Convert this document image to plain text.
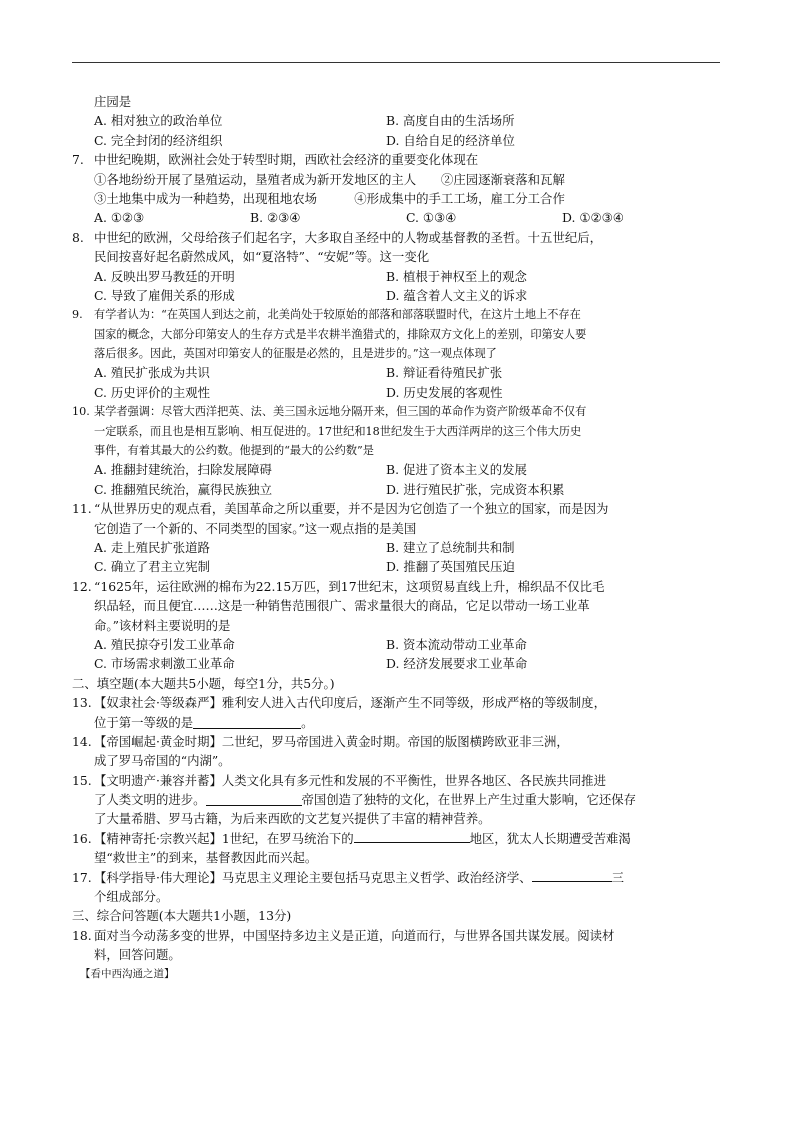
庄园是
A. 相对独立的政治单位	B. 高度自由的生活场所
C. 完全封闭的经济组织	D. 自给自足的经济单位
7. 中世纪晚期，欧洲社会处于转型时期，西欧社会经济的重要变化体现在
①各地纷纷开展了垦殖运动，垦殖者成为新开发地区的主人　　②庄园逐渐衰落和瓦解
③土地集中成为一种趋势，出现租地农场　　　④形成集中的手工工场，雇工分工合作
A. ①②③	B. ②③④	C. ①③④	D. ①②③④
8. 中世纪的欧洲，父母给孩子们起名字，大多取自圣经中的人物或基督教的圣哲。十五世纪后，
民间按喜好起名蔚然成风，如“夏洛特”、“安妮”等。这一变化
A. 反映出罗马教廷的开明	B. 植根于神权至上的观念
C. 导致了雇佣关系的形成	D. 蕴含着人文主义的诉求
9.	有学者认为：“在英国人到达之前，北美尚处于较原始的部落和部落联盟时代，在这片土地上不存在
国家的概念，大部分印第安人的生存方式是半农耕半渔猎式的，排除双方文化上的差别，印第安人要
落后很多。因此，英国对印第安人的征服是必然的，且是进步的。”这一观点体现了
A. 殖民扩张成为共识	B. 辩证看待殖民扩张
C. 历史评价的主观性	D. 历史发展的客观性
10. 某学者强调：尽管大西洋把英、法、美三国永远地分隔开来，但三国的革命作为资产阶级革命不仅有
一定联系，而且也是相互影响、相互促进的。17世纪和18世纪发生于大西洋两岸的这三个伟大历史
事件，有着其最大的公约数。他提到的“最大的公约数”是
A. 推翻封建统治，扫除发展障碍	B. 促进了资本主义的发展
C. 推翻殖民统治，赢得民族独立	D. 进行殖民扩张，完成资本积累
11. “从世界历史的观点看，美国革命之所以重要，并不是因为它创造了一个独立的国家，而是因为
它创造了一个新的、不同类型的国家。”这一观点指的是美国
A. 走上殖民扩张道路	B. 建立了总统制共和制
C. 确立了君主立宪制	D. 推翻了英国殖民压迫
12. “1625年，运往欧洲的棉布为22.15万匹，到17世纪末，这项贸易直线上升，棉织品不仅比毛
织品轻，而且便宜……这是一种销售范围很广、需求量很大的商品，它足以带动一场工业革
命。”该材料主要说明的是
A. 殖民掠夺引发工业革命	B. 资本流动带动工业革命
C. 市场需求刺激工业革命	D. 经济发展要求工业革命
二、填空题(本大题共5小题，每空1分，共5分。)
13. 【奴隶社会·等级森严】雅利安人进入古代印度后，逐渐产生不同等级，形成严格的等级制度，
位于第一等级的是	。
14. 【帝国崛起·黄金时期】二世纪，罗马帝国进入黄金时期。帝国的版图横跨欧亚非三洲，
成了罗马帝国的“内湖”。
15. 【文明遗产·兼容并蓄】人类文化具有多元性和发展的不平衡性，世界各地区、各民族共同推进
了人类文明的进步。	帝国创造了独特的文化，在世界上产生过重大影响，它还保存
了大量希腊、罗马古籍，为后来西欧的文艺复兴提供了丰富的精神营养。
16. 【精神寄托·宗教兴起】1世纪，在罗马统治下的	地区，犹太人长期遭受苦难渴
望“救世主”的到来，基督教因此而兴起。
17. 【科学指导·伟大理论】马克思主义理论主要包括马克思主义哲学、政治经济学、	三
个组成部分。
三、综合问答题(本大题共1小题，13分)
18. 面对当今动荡多变的世界，中国坚持多边主义是正道，向道而行，与世界各国共谋发展。阅读材
料，回答问题。
【看中西沟通之道】
